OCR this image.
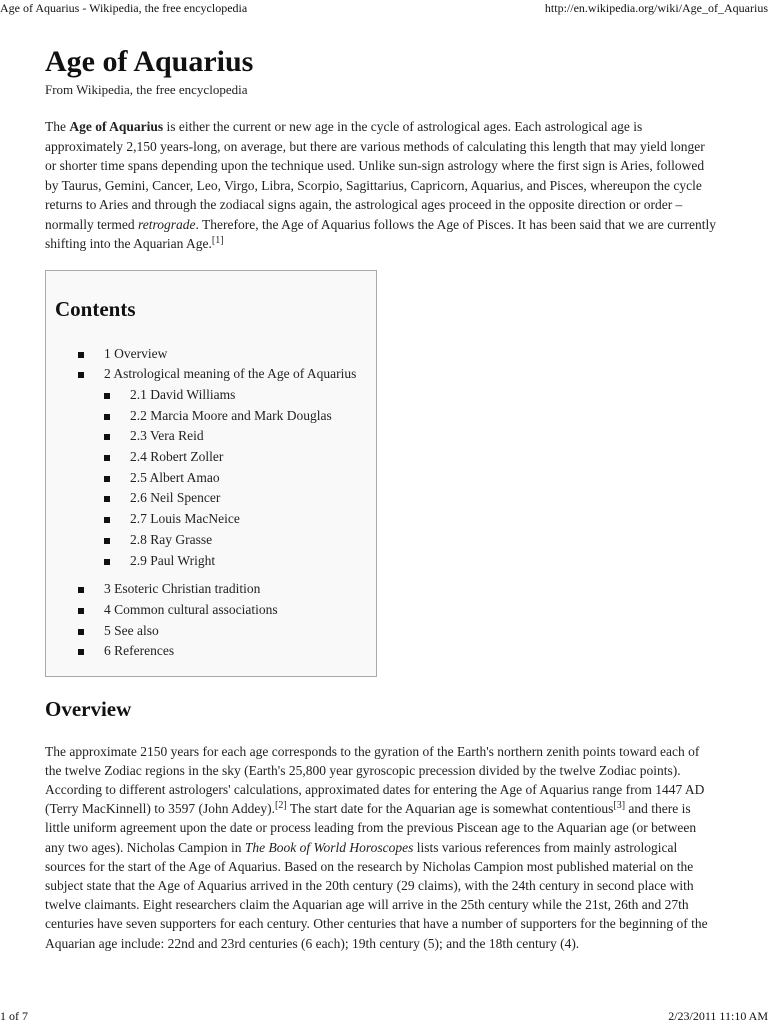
Age of Aquarius - Wikipedia, the free encyclopedia	http://en.wikipedia.org/wiki/Age_of_Aquarius
Age of Aquarius
From Wikipedia, the free encyclopedia

The Age of Aquarius is either the current or new age in the cycle of astrological ages. Each astrological age is approximately 2,150 years-long, on average, but there are various methods of calculating this length that may yield longer or shorter time spans depending upon the technique used. Unlike sun-sign astrology where the first sign is Aries, followed by Taurus, Gemini, Cancer, Leo, Virgo, Libra, Scorpio, Sagittarius, Capricorn, Aquarius, and Pisces, whereupon the cycle returns to Aries and through the zodiacal signs again, the astrological ages proceed in the opposite direction or order – normally termed retrograde. Therefore, the Age of Aquarius follows the Age of Pisces. It has been said that we are currently shifting into the Aquarian Age.[1]

Contents
1 Overview
2 Astrological meaning of the Age of Aquarius
2.1 David Williams
2.2 Marcia Moore and Mark Douglas
2.3 Vera Reid
2.4 Robert Zoller
2.5 Albert Amao
2.6 Neil Spencer
2.7 Louis MacNeice
2.8 Ray Grasse
2.9 Paul Wright
3 Esoteric Christian tradition
4 Common cultural associations
5 See also
6 References
Overview

The approximate 2150 years for each age corresponds to the gyration of the Earth's northern zenith points toward each of the twelve Zodiac regions in the sky (Earth's 25,800 year gyroscopic precession divided by the twelve Zodiac points). According to different astrologers' calculations, approximated dates for entering the Age of Aquarius range from 1447 AD (Terry MacKinnell) to 3597 (John Addey).[2] The start date for the Aquarian age is somewhat contentious[3] and there is little uniform agreement upon the date or process leading from the previous Piscean age to the Aquarian age (or between any two ages). Nicholas Campion in The Book of World Horoscopes lists various references from mainly astrological sources for the start of the Age of Aquarius. Based on the research by Nicholas Campion most published material on the subject state that the Age of Aquarius arrived in the 20th century (29 claims), with the 24th century in second place with twelve claimants. Eight researchers claim the Aquarian age will arrive in the 25th century while the 21st, 26th and 27th centuries have seven supporters for each century. Other centuries that have a number of supporters for the beginning of the Aquarian age include: 22nd and 23rd centuries (6 each); 19th century (5); and the 18th century (4).

1 of 7	2/23/2011 11:10 AM
